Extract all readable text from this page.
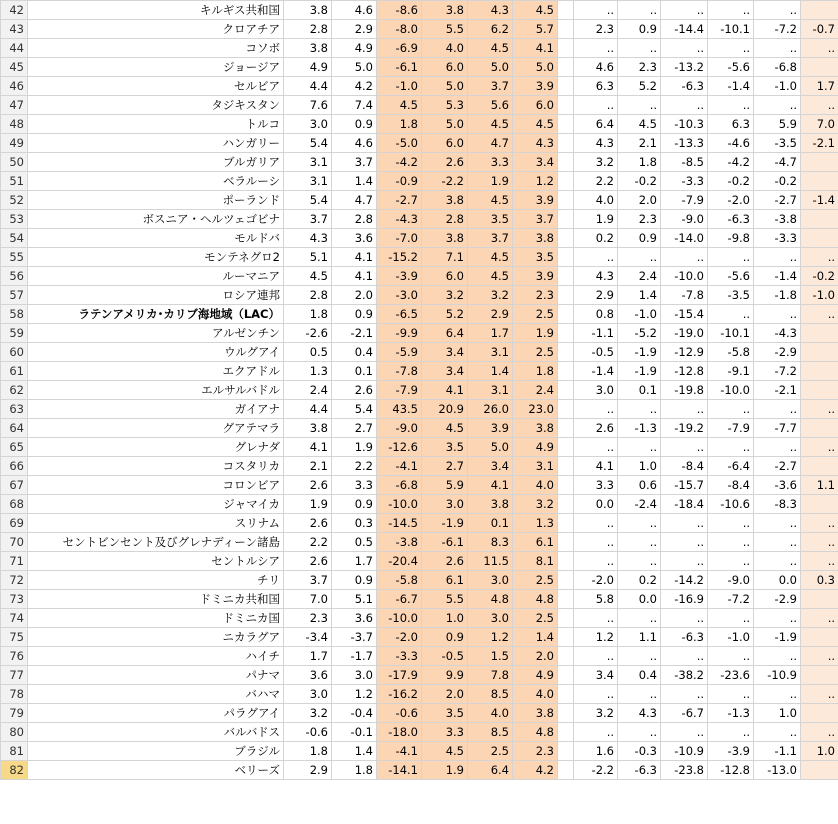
42	キルギス共和国	3.8	4.6	-8.6	3.8	4.3	4.5		..	..	..	..	..	
43	クロアチア	2.8	2.9	-8.0	5.5	6.2	5.7		2.3	0.9	-14.4	-10.1	-7.2	-0.7
44	コソボ	3.8	4.9	-6.9	4.0	4.5	4.1		..	..	..	..	..	..
45	ジョージア	4.9	5.0	-6.1	6.0	5.0	5.0		4.6	2.3	-13.2	-5.6	-6.8	
46	セルビア	4.4	4.2	-1.0	5.0	3.7	3.9		6.3	5.2	-6.3	-1.4	-1.0	1.7
47	タジキスタン	7.6	7.4	4.5	5.3	5.6	6.0		..	..	..	..	..	..
48	トルコ	3.0	0.9	1.8	5.0	4.5	4.5		6.4	4.5	-10.3	6.3	5.9	7.0
49	ハンガリー	5.4	4.6	-5.0	6.0	4.7	4.3		4.3	2.1	-13.3	-4.6	-3.5	-2.1
50	ブルガリア	3.1	3.7	-4.2	2.6	3.3	3.4		3.2	1.8	-8.5	-4.2	-4.7	
51	ベラルーシ	3.1	1.4	-0.9	-2.2	1.9	1.2		2.2	-0.2	-3.3	-0.2	-0.2	
52	ポーランド	5.4	4.7	-2.7	3.8	4.5	3.9		4.0	2.0	-7.9	-2.0	-2.7	-1.4
53	ボスニア・ヘルツェゴビナ	3.7	2.8	-4.3	2.8	3.5	3.7		1.9	2.3	-9.0	-6.3	-3.8	
54	モルドバ	4.3	3.6	-7.0	3.8	3.7	3.8		0.2	0.9	-14.0	-9.8	-3.3	
55	モンテネグロ2	5.1	4.1	-15.2	7.1	4.5	3.5		..	..	..	..	..	..
56	ルーマニア	4.5	4.1	-3.9	6.0	4.5	3.9		4.3	2.4	-10.0	-5.6	-1.4	-0.2
57	ロシア連邦	2.8	2.0	-3.0	3.2	3.2	2.3		2.9	1.4	-7.8	-3.5	-1.8	-1.0
58	ラテンアメリカ･カリブ海地域（LAC）	1.8	0.9	-6.5	5.2	2.9	2.5		0.8	-1.0	-15.4	..	..	..
59	アルゼンチン	-2.6	-2.1	-9.9	6.4	1.7	1.9		-1.1	-5.2	-19.0	-10.1	-4.3	
60	ウルグアイ	0.5	0.4	-5.9	3.4	3.1	2.5		-0.5	-1.9	-12.9	-5.8	-2.9	
61	エクアドル	1.3	0.1	-7.8	3.4	1.4	1.8		-1.4	-1.9	-12.8	-9.1	-7.2	
62	エルサルバドル	2.4	2.6	-7.9	4.1	3.1	2.4		3.0	0.1	-19.8	-10.0	-2.1	
63	ガイアナ	4.4	5.4	43.5	20.9	26.0	23.0		..	..	..	..	..	..
64	グアテマラ	3.8	2.7	-9.0	4.5	3.9	3.8		2.6	-1.3	-19.2	-7.9	-7.7	
65	グレナダ	4.1	1.9	-12.6	3.5	5.0	4.9		..	..	..	..	..	..
66	コスタリカ	2.1	2.2	-4.1	2.7	3.4	3.1		4.1	1.0	-8.4	-6.4	-2.7	
67	コロンビア	2.6	3.3	-6.8	5.9	4.1	4.0		3.3	0.6	-15.7	-8.4	-3.6	1.1
68	ジャマイカ	1.9	0.9	-10.0	3.0	3.8	3.2		0.0	-2.4	-18.4	-10.6	-8.3	
69	スリナム	2.6	0.3	-14.5	-1.9	0.1	1.3		..	..	..	..	..	..
70	セントビンセント及びグレナディーン諸島	2.2	0.5	-3.8	-6.1	8.3	6.1		..	..	..	..	..	..
71	セントルシア	2.6	1.7	-20.4	2.6	11.5	8.1		..	..	..	..	..	..
72	チリ	3.7	0.9	-5.8	6.1	3.0	2.5		-2.0	0.2	-14.2	-9.0	0.0	0.3
73	ドミニカ共和国	7.0	5.1	-6.7	5.5	4.8	4.8		5.8	0.0	-16.9	-7.2	-2.9	
74	ドミニカ国	2.3	3.6	-10.0	1.0	3.0	2.5		..	..	..	..	..	..
75	ニカラグア	-3.4	-3.7	-2.0	0.9	1.2	1.4		1.2	1.1	-6.3	-1.0	-1.9	
76	ハイチ	1.7	-1.7	-3.3	-0.5	1.5	2.0		..	..	..	..	..	..
77	パナマ	3.6	3.0	-17.9	9.9	7.8	4.9		3.4	0.4	-38.2	-23.6	-10.9	
78	バハマ	3.0	1.2	-16.2	2.0	8.5	4.0		..	..	..	..	..	..
79	パラグアイ	3.2	-0.4	-0.6	3.5	4.0	3.8		3.2	4.3	-6.7	-1.3	1.0	
80	バルバドス	-0.6	-0.1	-18.0	3.3	8.5	4.8		..	..	..	..	..	..
81	ブラジル	1.8	1.4	-4.1	4.5	2.5	2.3		1.6	-0.3	-10.9	-3.9	-1.1	1.0
82	ベリーズ	2.9	1.8	-14.1	1.9	6.4	4.2		-2.2	-6.3	-23.8	-12.8	-13.0	
